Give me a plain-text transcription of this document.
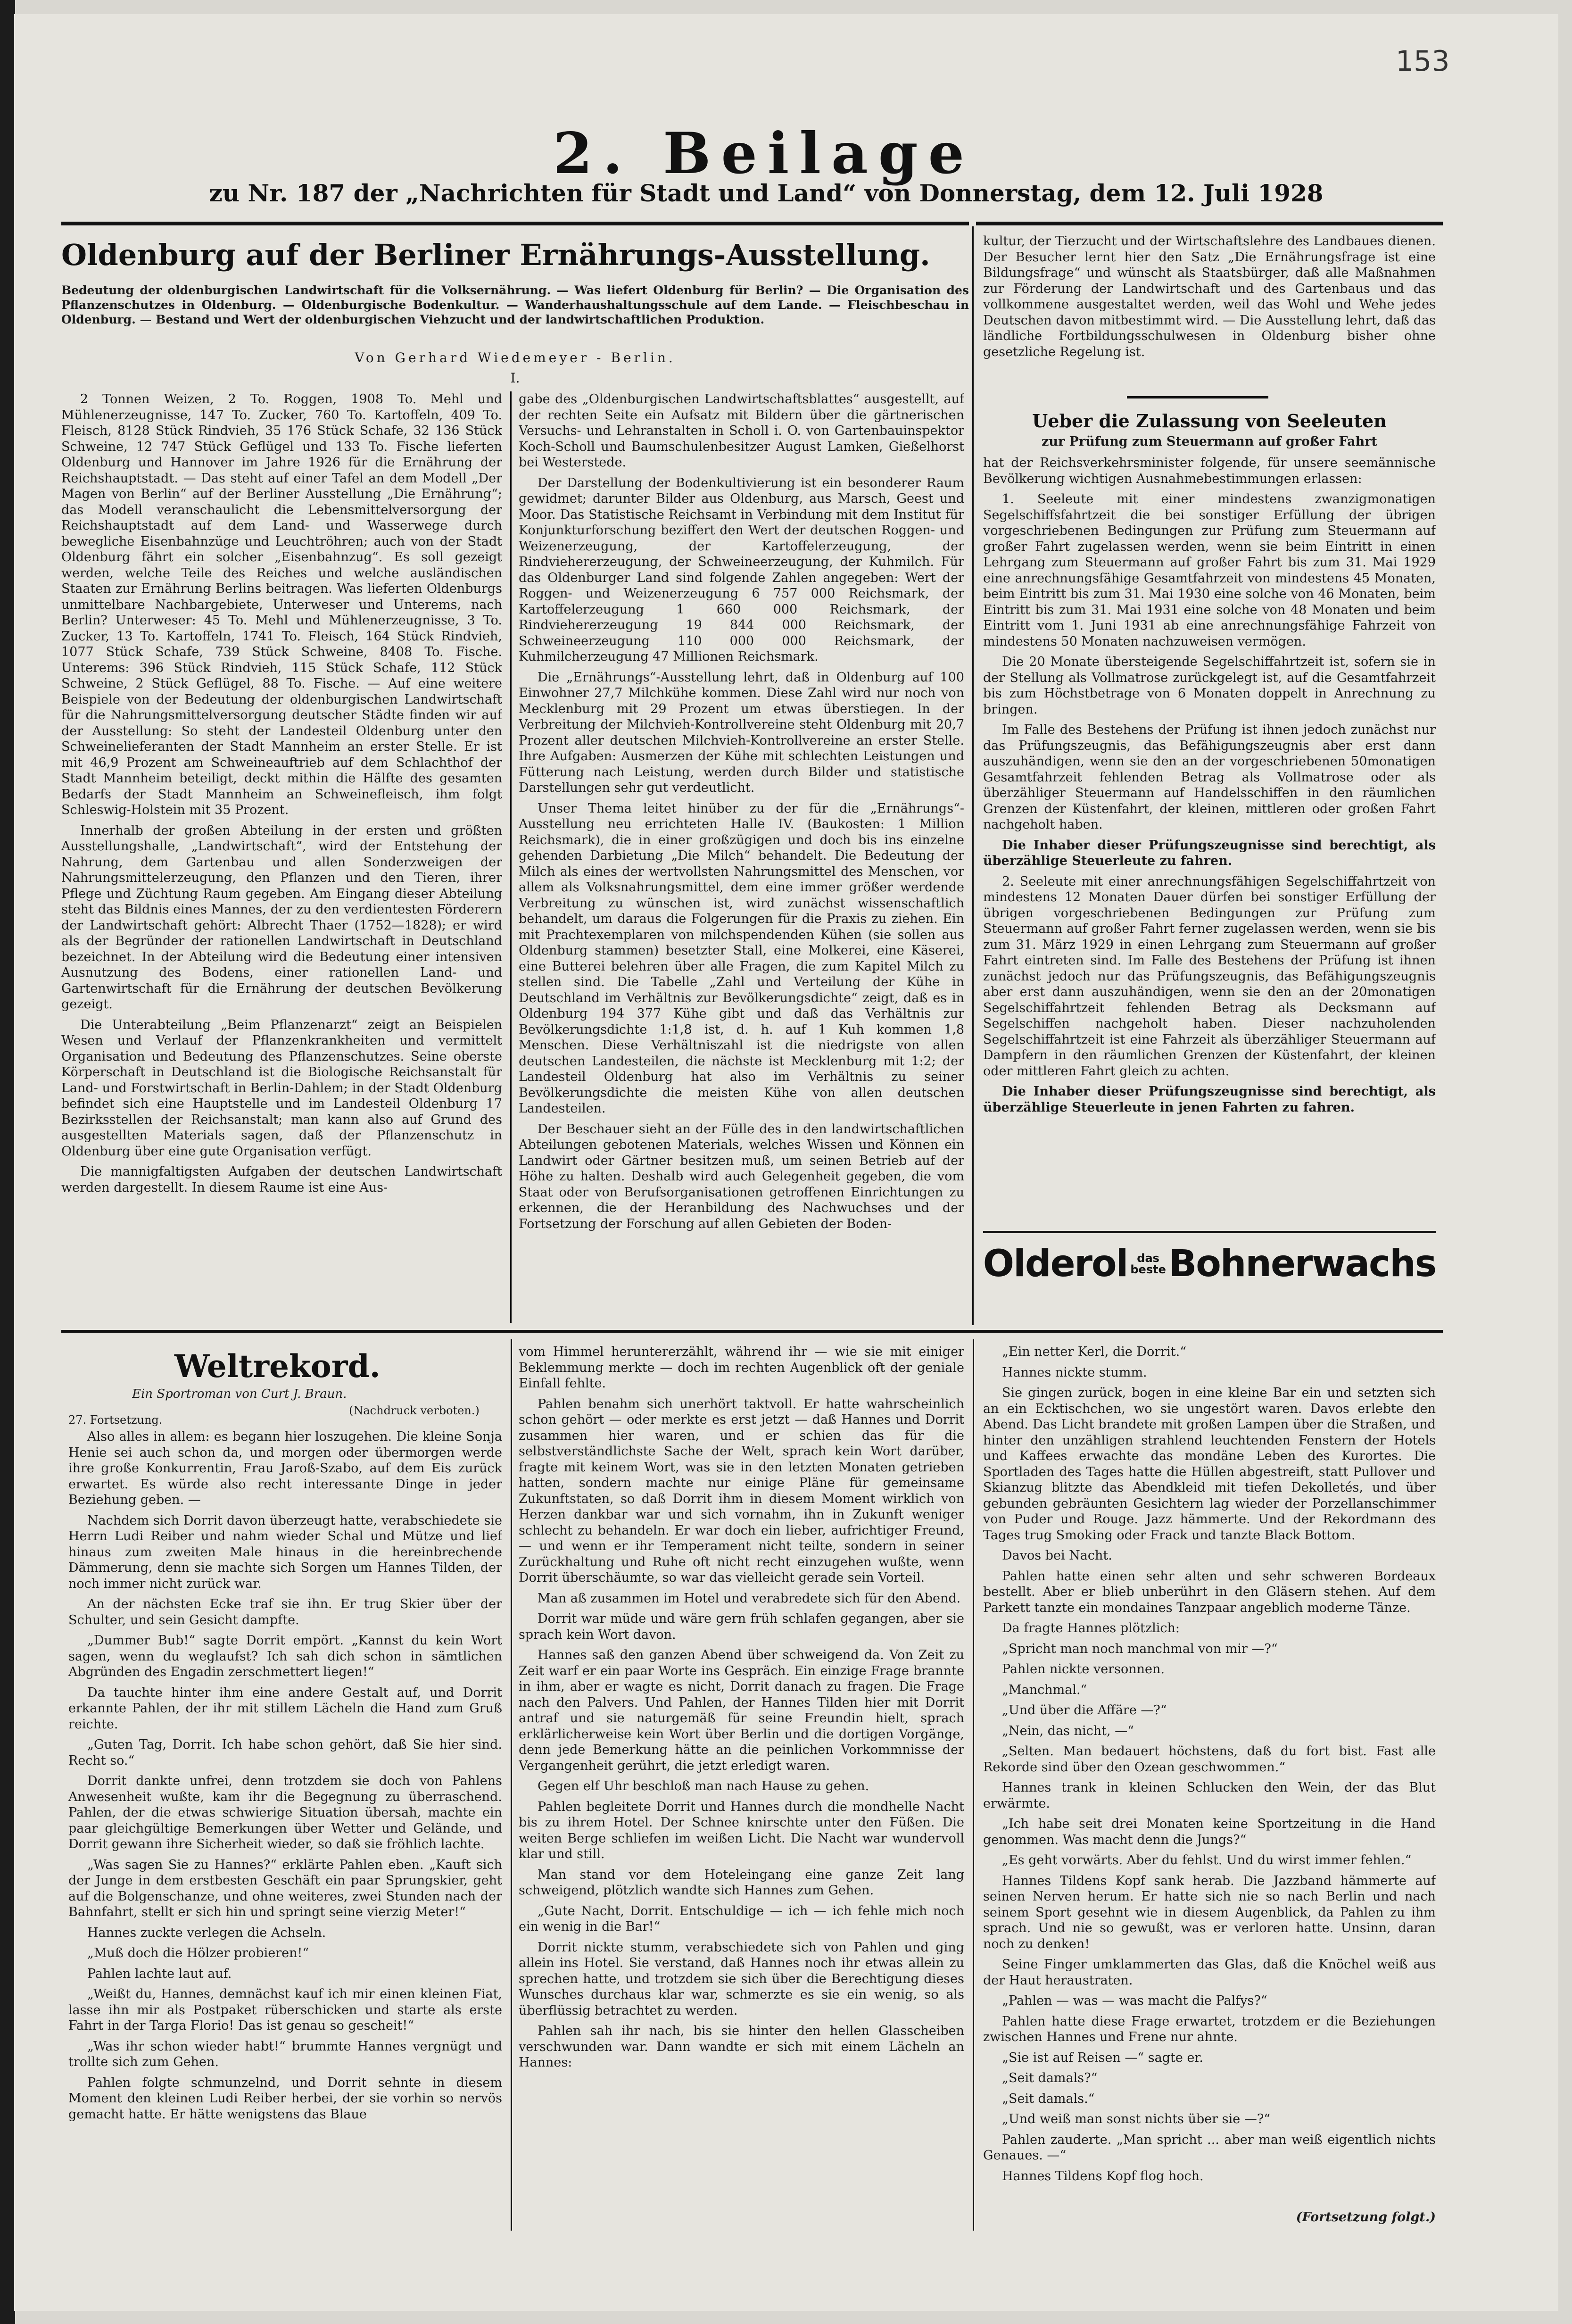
153
2. Beilage
zu Nr. 187 der „Nachrichten für Stadt und Land“ von Donnerstag, dem 12. Juli 1928
Oldenburg auf der Berliner Ernährungs-Ausstellung.

Bedeutung der oldenburgischen Landwirtschaft für die Volksernährung. — Was liefert Oldenburg für Berlin? — Die Organisation des Pflanzenschutzes in Oldenburg. — Oldenburgische Bodenkultur. — Wanderhaushaltungsschule auf dem Lande. — Fleischbeschau in Oldenburg. — Bestand und Wert der oldenburgischen Viehzucht und der landwirtschaftlichen Produktion.

Von Gerhard Wiedemeyer - Berlin.
I.

2 Tonnen Weizen, 2 To. Roggen, 1908 To. Mehl und Mühlenerzeugnisse, 147 To. Zucker, 760 To. Kartoffeln, 409 To. Fleisch, 8128 Stück Rindvieh, 35 176 Stück Schafe, 32 136 Stück Schweine, 12 747 Stück Geflügel und 133 To. Fische lieferten Oldenburg und Hannover im Jahre 1926 für die Ernährung der Reichshauptstadt. — Das steht auf einer Tafel an dem Modell „Der Magen von Berlin“ auf der Berliner Ausstellung „Die Ernährung“; das Modell veranschaulicht die Lebensmittelversorgung der Reichshauptstadt auf dem Land- und Wasserwege durch bewegliche Eisenbahnzüge und Leuchtröhren; auch von der Stadt Oldenburg fährt ein solcher „Eisenbahnzug“. Es soll gezeigt werden, welche Teile des Reiches und welche ausländischen Staaten zur Ernährung Berlins beitragen. Was lieferten Oldenburgs unmittelbare Nachbargebiete, Unterweser und Unterems, nach Berlin? Unterweser: 45 To. Mehl und Mühlenerzeugnisse, 3 To. Zucker, 13 To. Kartoffeln, 1741 To. Fleisch, 164 Stück Rindvieh, 1077 Stück Schafe, 739 Stück Schweine, 8408 To. Fische. Unterems: 396 Stück Rindvieh, 115 Stück Schafe, 112 Stück Schweine, 2 Stück Geflügel, 88 To. Fische. — Auf eine weitere Beispiele von der Bedeutung der oldenburgischen Landwirtschaft für die Nahrungsmittelversorgung deutscher Städte finden wir auf der Ausstellung: So steht der Landesteil Oldenburg unter den Schweinelieferanten der Stadt Mannheim an erster Stelle. Er ist mit 46,9 Prozent am Schweineauftrieb auf dem Schlachthof der Stadt Mannheim beteiligt, deckt mithin die Hälfte des gesamten Bedarfs der Stadt Mannheim an Schweinefleisch, ihm folgt Schleswig-Holstein mit 35 Prozent.

Innerhalb der großen Abteilung in der ersten und größten Ausstellungshalle, „Landwirtschaft“, wird der Entstehung der Nahrung, dem Gartenbau und allen Sonderzweigen der Nahrungsmittelerzeugung, den Pflanzen und den Tieren, ihrer Pflege und Züchtung Raum gegeben. Am Eingang dieser Abteilung steht das Bildnis eines Mannes, der zu den verdientesten Förderern der Landwirtschaft gehört: Albrecht Thaer (1752—1828); er wird als der Begründer der rationellen Landwirtschaft in Deutschland bezeichnet. In der Abteilung wird die Bedeutung einer intensiven Ausnutzung des Bodens, einer rationellen Land- und Gartenwirtschaft für die Ernährung der deutschen Bevölkerung gezeigt.

Die Unterabteilung „Beim Pflanzenarzt“ zeigt an Beispielen Wesen und Verlauf der Pflanzenkrankheiten und vermittelt Organisation und Bedeutung des Pflanzenschutzes. Seine oberste Körperschaft in Deutschland ist die Biologische Reichsanstalt für Land- und Forstwirtschaft in Berlin-Dahlem; in der Stadt Oldenburg befindet sich eine Hauptstelle und im Landesteil Oldenburg 17 Bezirksstellen der Reichsanstalt; man kann also auf Grund des ausgestellten Materials sagen, daß der Pflanzenschutz in Oldenburg über eine gute Organisation verfügt.

Die mannigfaltigsten Aufgaben der deutschen Landwirtschaft werden dargestellt. In diesem Raume ist eine Aus-

gabe des „Oldenburgischen Landwirtschaftsblattes“ ausgestellt, auf der rechten Seite ein Aufsatz mit Bildern über die gärtnerischen Versuchs- und Lehranstalten in Scholl i. O. von Gartenbauinspektor Koch-Scholl und Baumschulenbesitzer August Lamken, Gießelhorst bei Westerstede.

Der Darstellung der Bodenkultivierung ist ein besonderer Raum gewidmet; darunter Bilder aus Oldenburg, aus Marsch, Geest und Moor. Das Statistische Reichsamt in Verbindung mit dem Institut für Konjunkturforschung beziffert den Wert der deutschen Roggen- und Weizenerzeugung, der Kartoffelerzeugung, der Rindviehererzeugung, der Schweineerzeugung, der Kuhmilch. Für das Oldenburger Land sind folgende Zahlen angegeben: Wert der Roggen- und Weizenerzeugung 6 757 000 Reichsmark, der Kartoffelerzeugung 1 660 000 Reichsmark, der Rindviehererzeugung 19 844 000 Reichsmark, der Schweineerzeugung 110 000 000 Reichsmark, der Kuhmilcherzeugung 47 Millionen Reichsmark.

Die „Ernährungs“-Ausstellung lehrt, daß in Oldenburg auf 100 Einwohner 27,7 Milchkühe kommen. Diese Zahl wird nur noch von Mecklenburg mit 29 Prozent um etwas überstiegen. In der Verbreitung der Milchvieh-Kontrollvereine steht Oldenburg mit 20,7 Prozent aller deutschen Milchvieh-Kontrollvereine an erster Stelle. Ihre Aufgaben: Ausmerzen der Kühe mit schlechten Leistungen und Fütterung nach Leistung, werden durch Bilder und statistische Darstellungen sehr gut verdeutlicht.

Unser Thema leitet hinüber zu der für die „Ernährungs“-Ausstellung neu errichteten Halle IV. (Baukosten: 1 Million Reichsmark), die in einer großzügigen und doch bis ins einzelne gehenden Darbietung „Die Milch“ behandelt. Die Bedeutung der Milch als eines der wertvollsten Nahrungsmittel des Menschen, vor allem als Volksnahrungsmittel, dem eine immer größer werdende Verbreitung zu wünschen ist, wird zunächst wissenschaftlich behandelt, um daraus die Folgerungen für die Praxis zu ziehen. Ein mit Prachtexemplaren von milchspendenden Kühen (sie sollen aus Oldenburg stammen) besetzter Stall, eine Molkerei, eine Käserei, eine Butterei belehren über alle Fragen, die zum Kapitel Milch zu stellen sind. Die Tabelle „Zahl und Verteilung der Kühe in Deutschland im Verhältnis zur Bevölkerungsdichte“ zeigt, daß es in Oldenburg 194 377 Kühe gibt und daß das Verhältnis zur Bevölkerungsdichte 1:1,8 ist, d. h. auf 1 Kuh kommen 1,8 Menschen. Diese Verhältniszahl ist die niedrigste von allen deutschen Landesteilen, die nächste ist Mecklenburg mit 1:2; der Landesteil Oldenburg hat also im Verhältnis zu seiner Bevölkerungsdichte die meisten Kühe von allen deutschen Landesteilen.

Der Beschauer sieht an der Fülle des in den landwirtschaftlichen Abteilungen gebotenen Materials, welches Wissen und Können ein Landwirt oder Gärtner besitzen muß, um seinen Betrieb auf der Höhe zu halten. Deshalb wird auch Gelegenheit gegeben, die vom Staat oder von Berufsorganisationen getroffenen Einrichtungen zu erkennen, die der Heranbildung des Nachwuchses und der Fortsetzung der Forschung auf allen Gebieten der Boden-

kultur, der Tierzucht und der Wirtschaftslehre des Landbaues dienen. Der Besucher lernt hier den Satz „Die Ernährungsfrage ist eine Bildungsfrage“ und wünscht als Staatsbürger, daß alle Maßnahmen zur Förderung der Landwirtschaft und des Gartenbaus und das vollkommene ausgestaltet werden, weil das Wohl und Wehe jedes Deutschen davon mitbestimmt wird. — Die Ausstellung lehrt, daß das ländliche Fortbildungsschulwesen in Oldenburg bisher ohne gesetzliche Regelung ist.

Ueber die Zulassung von Seeleuten
zur Prüfung zum Steuermann auf großer Fahrt

hat der Reichsverkehrsminister folgende, für unsere seemännische Bevölkerung wichtigen Ausnahmebestimmungen erlassen:

1. Seeleute mit einer mindestens zwanzigmonatigen Segelschiffsfahrtzeit die bei sonstiger Erfüllung der übrigen vorgeschriebenen Bedingungen zur Prüfung zum Steuermann auf großer Fahrt zugelassen werden, wenn sie beim Eintritt in einen Lehrgang zum Steuermann auf großer Fahrt bis zum 31. Mai 1929 eine anrechnungsfähige Gesamtfahrzeit von mindestens 45 Monaten, beim Eintritt bis zum 31. Mai 1930 eine solche von 46 Monaten, beim Eintritt bis zum 31. Mai 1931 eine solche von 48 Monaten und beim Eintritt vom 1. Juni 1931 ab eine anrechnungsfähige Fahrzeit von mindestens 50 Monaten nachzuweisen vermögen.

Die 20 Monate übersteigende Segelschiffahrtzeit ist, sofern sie in der Stellung als Vollmatrose zurückgelegt ist, auf die Gesamtfahrzeit bis zum Höchstbetrage von 6 Monaten doppelt in Anrechnung zu bringen.

Im Falle des Bestehens der Prüfung ist ihnen jedoch zunächst nur das Prüfungszeugnis, das Befähigungszeugnis aber erst dann auszuhändigen, wenn sie den an der vorgeschriebenen 50monatigen Gesamtfahrzeit fehlenden Betrag als Vollmatrose oder als überzähliger Steuermann auf Handelsschiffen in den räumlichen Grenzen der Küstenfahrt, der kleinen, mittleren oder großen Fahrt nachgeholt haben.

Die Inhaber dieser Prüfungszeugnisse sind berechtigt, als überzählige Steuerleute zu fahren.

2. Seeleute mit einer anrechnungsfähigen Segelschiffahrtzeit von mindestens 12 Monaten Dauer dürfen bei sonstiger Erfüllung der übrigen vorgeschriebenen Bedingungen zur Prüfung zum Steuermann auf großer Fahrt ferner zugelassen werden, wenn sie bis zum 31. März 1929 in einen Lehrgang zum Steuermann auf großer Fahrt eintreten sind. Im Falle des Bestehens der Prüfung ist ihnen zunächst jedoch nur das Prüfungszeugnis, das Befähigungszeugnis aber erst dann auszuhändigen, wenn sie den an der 20monatigen Segelschiffahrtzeit fehlenden Betrag als Decksmann auf Segelschiffen nachgeholt haben. Dieser nachzuholenden Segelschiffahrtzeit ist eine Fahrzeit als überzähliger Steuermann auf Dampfern in den räumlichen Grenzen der Küstenfahrt, der kleinen oder mittleren Fahrt gleich zu achten.

Die Inhaber dieser Prüfungszeugnisse sind berechtigt, als überzählige Steuerleute in jenen Fahrten zu fahren.

Olderol das beste Bohnerwachs
Weltrekord.
Ein Sportroman von Curt J. Braun.
(Nachdruck verboten.)
27. Fortsetzung.

Also alles in allem: es begann hier loszugehen. Die kleine Sonja Henie sei auch schon da, und morgen oder übermorgen werde ihre große Konkurrentin, Frau Jaroß-Szabo, auf dem Eis zurück erwartet. Es würde also recht interessante Dinge in jeder Beziehung geben. —

Nachdem sich Dorrit davon überzeugt hatte, verabschiedete sie Herrn Ludi Reiber und nahm wieder Schal und Mütze und lief hinaus zum zweiten Male hinaus in die hereinbrechende Dämmerung, denn sie machte sich Sorgen um Hannes Tilden, der noch immer nicht zurück war.

An der nächsten Ecke traf sie ihn. Er trug Skier über der Schulter, und sein Gesicht dampfte.

„Dummer Bub!“ sagte Dorrit empört. „Kannst du kein Wort sagen, wenn du weglaufst? Ich sah dich schon in sämtlichen Abgründen des Engadin zerschmettert liegen!“

Da tauchte hinter ihm eine andere Gestalt auf, und Dorrit erkannte Pahlen, der ihr mit stillem Lächeln die Hand zum Gruß reichte.

„Guten Tag, Dorrit. Ich habe schon gehört, daß Sie hier sind. Recht so.“

Dorrit dankte unfrei, denn trotzdem sie doch von Pahlens Anwesenheit wußte, kam ihr die Begegnung zu überraschend. Pahlen, der die etwas schwierige Situation übersah, machte ein paar gleichgültige Bemerkungen über Wetter und Gelände, und Dorrit gewann ihre Sicherheit wieder, so daß sie fröhlich lachte.

„Was sagen Sie zu Hannes?“ erklärte Pahlen eben. „Kauft sich der Junge in dem erstbesten Geschäft ein paar Sprungskier, geht auf die Bolgenschanze, und ohne weiteres, zwei Stunden nach der Bahnfahrt, stellt er sich hin und springt seine vierzig Meter!“

Hannes zuckte verlegen die Achseln.

„Muß doch die Hölzer probieren!“

Pahlen lachte laut auf.

„Weißt du, Hannes, demnächst kauf ich mir einen kleinen Fiat, lasse ihn mir als Postpaket rüberschicken und starte als erste Fahrt in der Targa Florio! Das ist genau so gescheit!“

„Was ihr schon wieder habt!“ brummte Hannes vergnügt und trollte sich zum Gehen.

Pahlen folgte schmunzelnd, und Dorrit sehnte in diesem Moment den kleinen Ludi Reiber herbei, der sie vorhin so nervös gemacht hatte. Er hätte wenigstens das Blaue

vom Himmel heruntererzählt, während ihr — wie sie mit einiger Beklemmung merkte — doch im rechten Augenblick oft der geniale Einfall fehlte.

Pahlen benahm sich unerhört taktvoll. Er hatte wahrscheinlich schon gehört — oder merkte es erst jetzt — daß Hannes und Dorrit zusammen hier waren, und er schien das für die selbstverständlichste Sache der Welt, sprach kein Wort darüber, fragte mit keinem Wort, was sie in den letzten Monaten getrieben hatten, sondern machte nur einige Pläne für gemeinsame Zukunftstaten, so daß Dorrit ihm in diesem Moment wirklich von Herzen dankbar war und sich vornahm, ihn in Zukunft weniger schlecht zu behandeln. Er war doch ein lieber, aufrichtiger Freund, — und wenn er ihr Temperament nicht teilte, sondern in seiner Zurückhaltung und Ruhe oft nicht recht einzugehen wußte, wenn Dorrit überschäumte, so war das vielleicht gerade sein Vorteil.

Man aß zusammen im Hotel und verabredete sich für den Abend.

Dorrit war müde und wäre gern früh schlafen gegangen, aber sie sprach kein Wort davon.

Hannes saß den ganzen Abend über schweigend da. Von Zeit zu Zeit warf er ein paar Worte ins Gespräch. Ein einzige Frage brannte in ihm, aber er wagte es nicht, Dorrit danach zu fragen. Die Frage nach den Palvers. Und Pahlen, der Hannes Tilden hier mit Dorrit antraf und sie naturgemäß für seine Freundin hielt, sprach erklärlicherweise kein Wort über Berlin und die dortigen Vorgänge, denn jede Bemerkung hätte an die peinlichen Vorkommnisse der Vergangenheit gerührt, die jetzt erledigt waren.

Gegen elf Uhr beschloß man nach Hause zu gehen.

Pahlen begleitete Dorrit und Hannes durch die mondhelle Nacht bis zu ihrem Hotel. Der Schnee knirschte unter den Füßen. Die weiten Berge schliefen im weißen Licht. Die Nacht war wundervoll klar und still.

Man stand vor dem Hoteleingang eine ganze Zeit lang schweigend, plötzlich wandte sich Hannes zum Gehen.

„Gute Nacht, Dorrit. Entschuldige — ich — ich fehle mich noch ein wenig in die Bar!“

Dorrit nickte stumm, verabschiedete sich von Pahlen und ging allein ins Hotel. Sie verstand, daß Hannes noch ihr etwas allein zu sprechen hatte, und trotzdem sie sich über die Berechtigung dieses Wunsches durchaus klar war, schmerzte es sie ein wenig, so als überflüssig betrachtet zu werden.

Pahlen sah ihr nach, bis sie hinter den hellen Glasscheiben verschwunden war. Dann wandte er sich mit einem Lächeln an Hannes:

„Ein netter Kerl, die Dorrit.“

Hannes nickte stumm.

Sie gingen zurück, bogen in eine kleine Bar ein und setzten sich an ein Ecktischchen, wo sie ungestört waren. Davos erlebte den Abend. Das Licht brandete mit großen Lampen über die Straßen, und hinter den unzähligen strahlend leuchtenden Fenstern der Hotels und Kaffees erwachte das mondäne Leben des Kurortes. Die Sportladen des Tages hatte die Hüllen abgestreift, statt Pullover und Skianzug blitzte das Abendkleid mit tiefen Dekolletés, und über gebunden gebräunten Gesichtern lag wieder der Porzellanschimmer von Puder und Rouge. Jazz hämmerte. Und der Rekordmann des Tages trug Smoking oder Frack und tanzte Black Bottom.

Davos bei Nacht.

Pahlen hatte einen sehr alten und sehr schweren Bordeaux bestellt. Aber er blieb unberührt in den Gläsern stehen. Auf dem Parkett tanzte ein mondaines Tanzpaar angeblich moderne Tänze.

Da fragte Hannes plötzlich:

„Spricht man noch manchmal von mir —?“

Pahlen nickte versonnen.

„Manchmal.“

„Und über die Affäre —?“

„Nein, das nicht, —“

„Selten. Man bedauert höchstens, daß du fort bist. Fast alle Rekorde sind über den Ozean geschwommen.“

Hannes trank in kleinen Schlucken den Wein, der das Blut erwärmte.

„Ich habe seit drei Monaten keine Sportzeitung in die Hand genommen. Was macht denn die Jungs?“

„Es geht vorwärts. Aber du fehlst. Und du wirst immer fehlen.“

Hannes Tildens Kopf sank herab. Die Jazzband hämmerte auf seinen Nerven herum. Er hatte sich nie so nach Berlin und nach seinem Sport gesehnt wie in diesem Augenblick, da Pahlen zu ihm sprach. Und nie so gewußt, was er verloren hatte. Unsinn, daran noch zu denken!

Seine Finger umklammerten das Glas, daß die Knöchel weiß aus der Haut heraustraten.

„Pahlen — was — was macht die Palfys?“

Pahlen hatte diese Frage erwartet, trotzdem er die Beziehungen zwischen Hannes und Frene nur ahnte.

„Sie ist auf Reisen —“ sagte er.

„Seit damals?“

„Seit damals.“

„Und weiß man sonst nichts über sie —?“

Pahlen zauderte. „Man spricht ... aber man weiß eigentlich nichts Genaues. —“

Hannes Tildens Kopf flog hoch.

(Fortsetzung folgt.)
